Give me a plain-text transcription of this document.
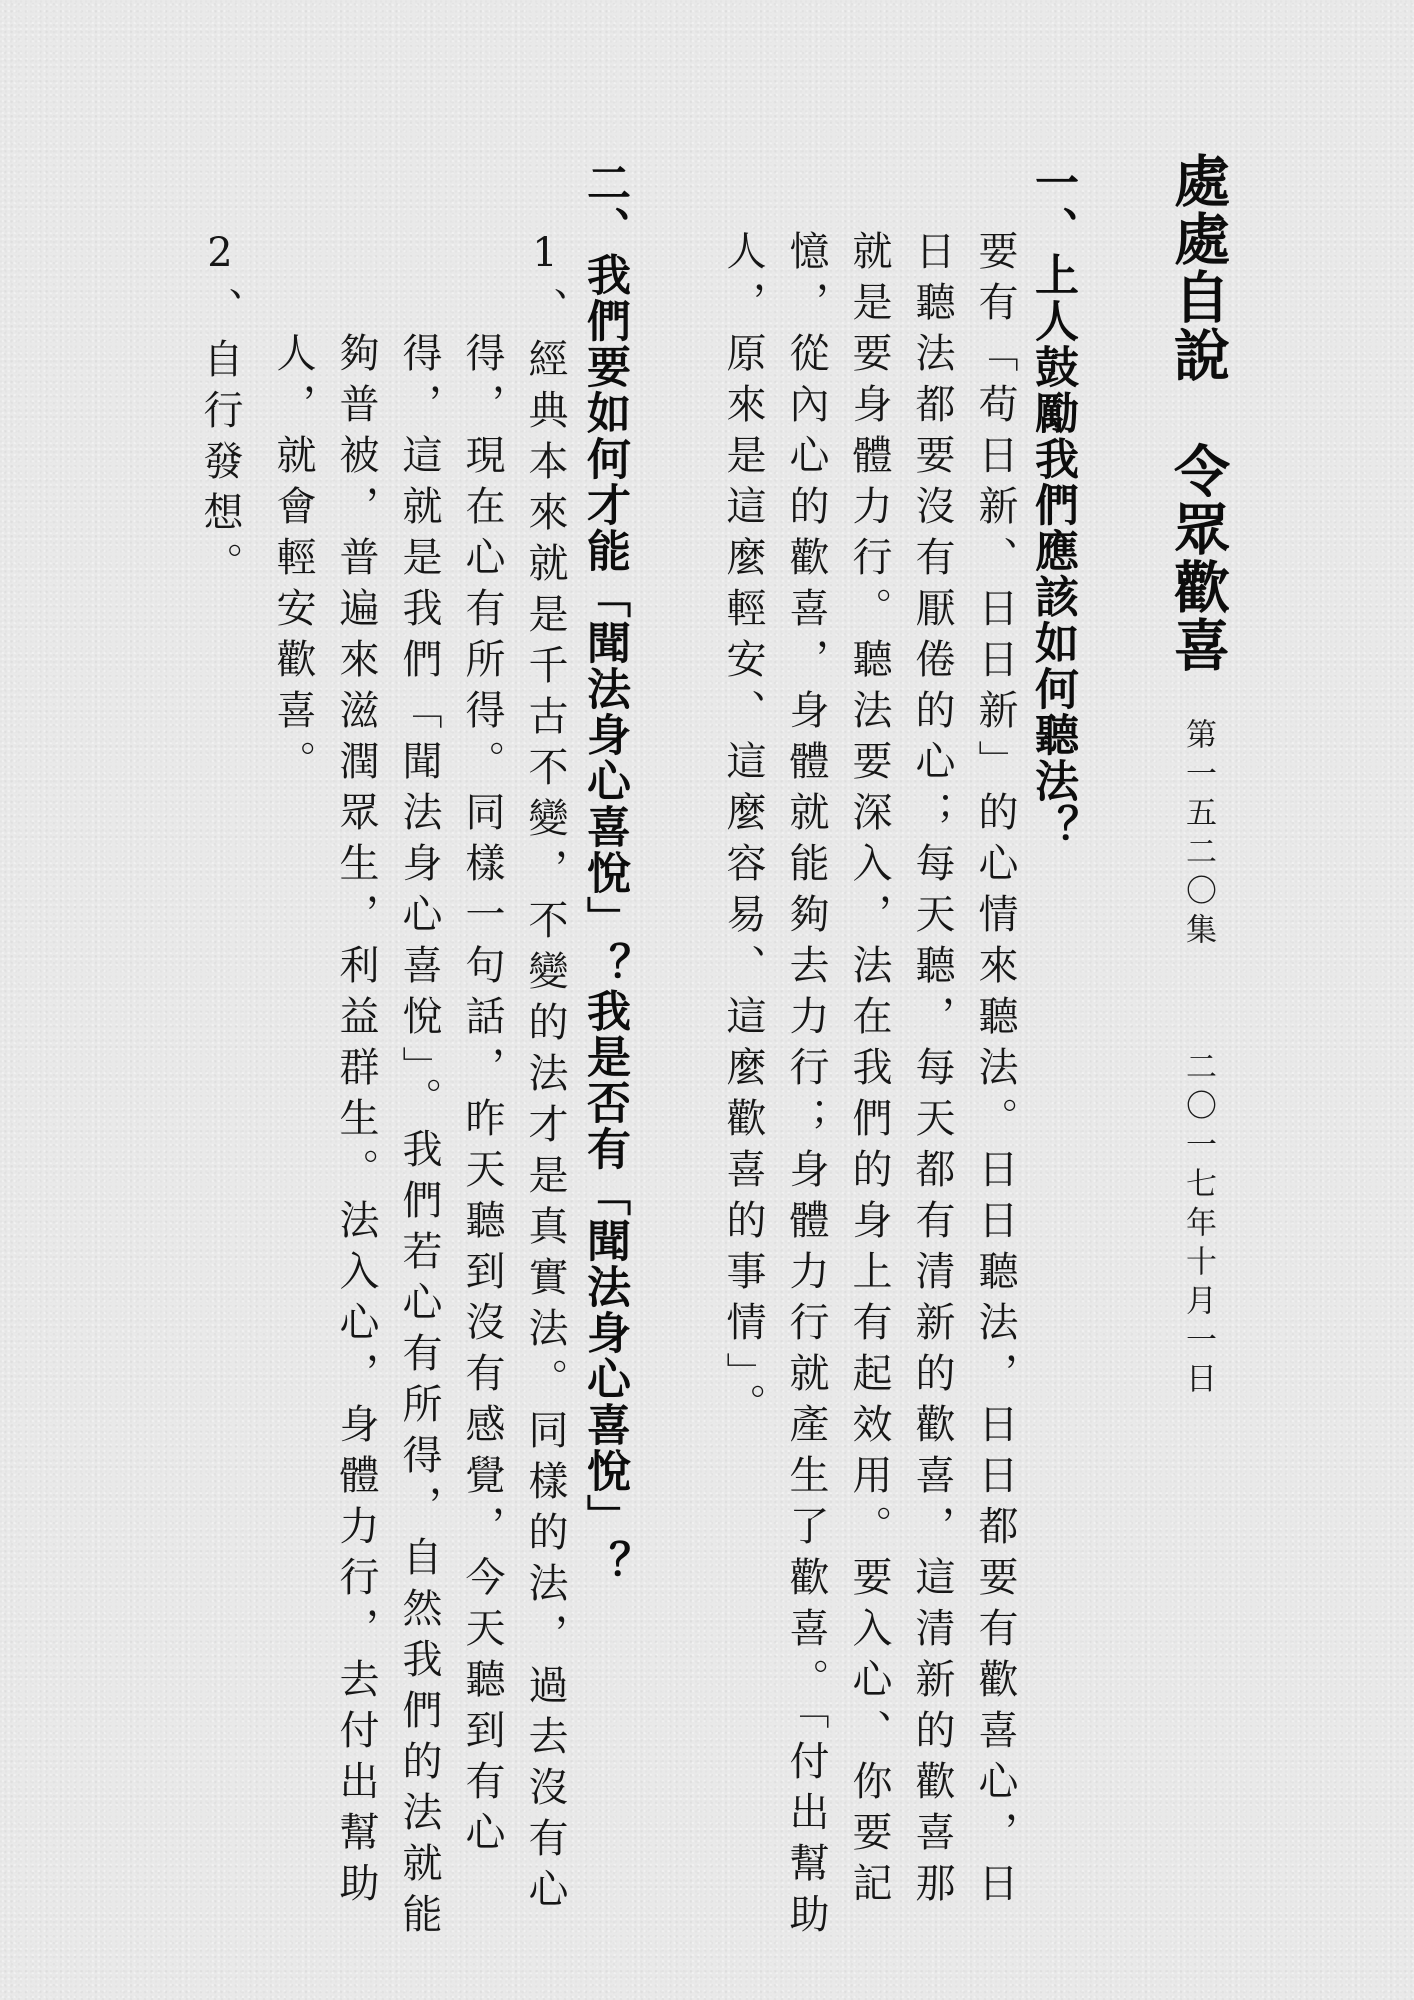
處處自說　令眾歡喜
第一五二〇集
二〇一七年十月一日
一、上人鼓勵我們應該如何聽法？
要有「苟日新、日日新」的心情來聽法。日日聽法，日日都要有歡喜心，日
日聽法都要沒有厭倦的心；每天聽，每天都有清新的歡喜，這清新的歡喜那
就是要身體力行。聽法要深入，法在我們的身上有起效用。要入心、你要記
憶，從內心的歡喜，身體就能夠去力行；身體力行就產生了歡喜。「付出幫助
人，原來是這麼輕安、這麼容易、這麼歡喜的事情」。
二、我們要如何才能「聞法身心喜悅」？我是否有「聞法身心喜悅」？
1、經典本來就是千古不變，不變的法才是真實法。同樣的法，過去沒有心
　　得，現在心有所得。同樣一句話，昨天聽到沒有感覺，今天聽到有心
　　得，這就是我們「聞法身心喜悅」。我們若心有所得，自然我們的法就能
　　夠普被，普遍來滋潤眾生，利益群生。法入心，身體力行，去付出幫助
　　人，就會輕安歡喜。
2、自行發想。
